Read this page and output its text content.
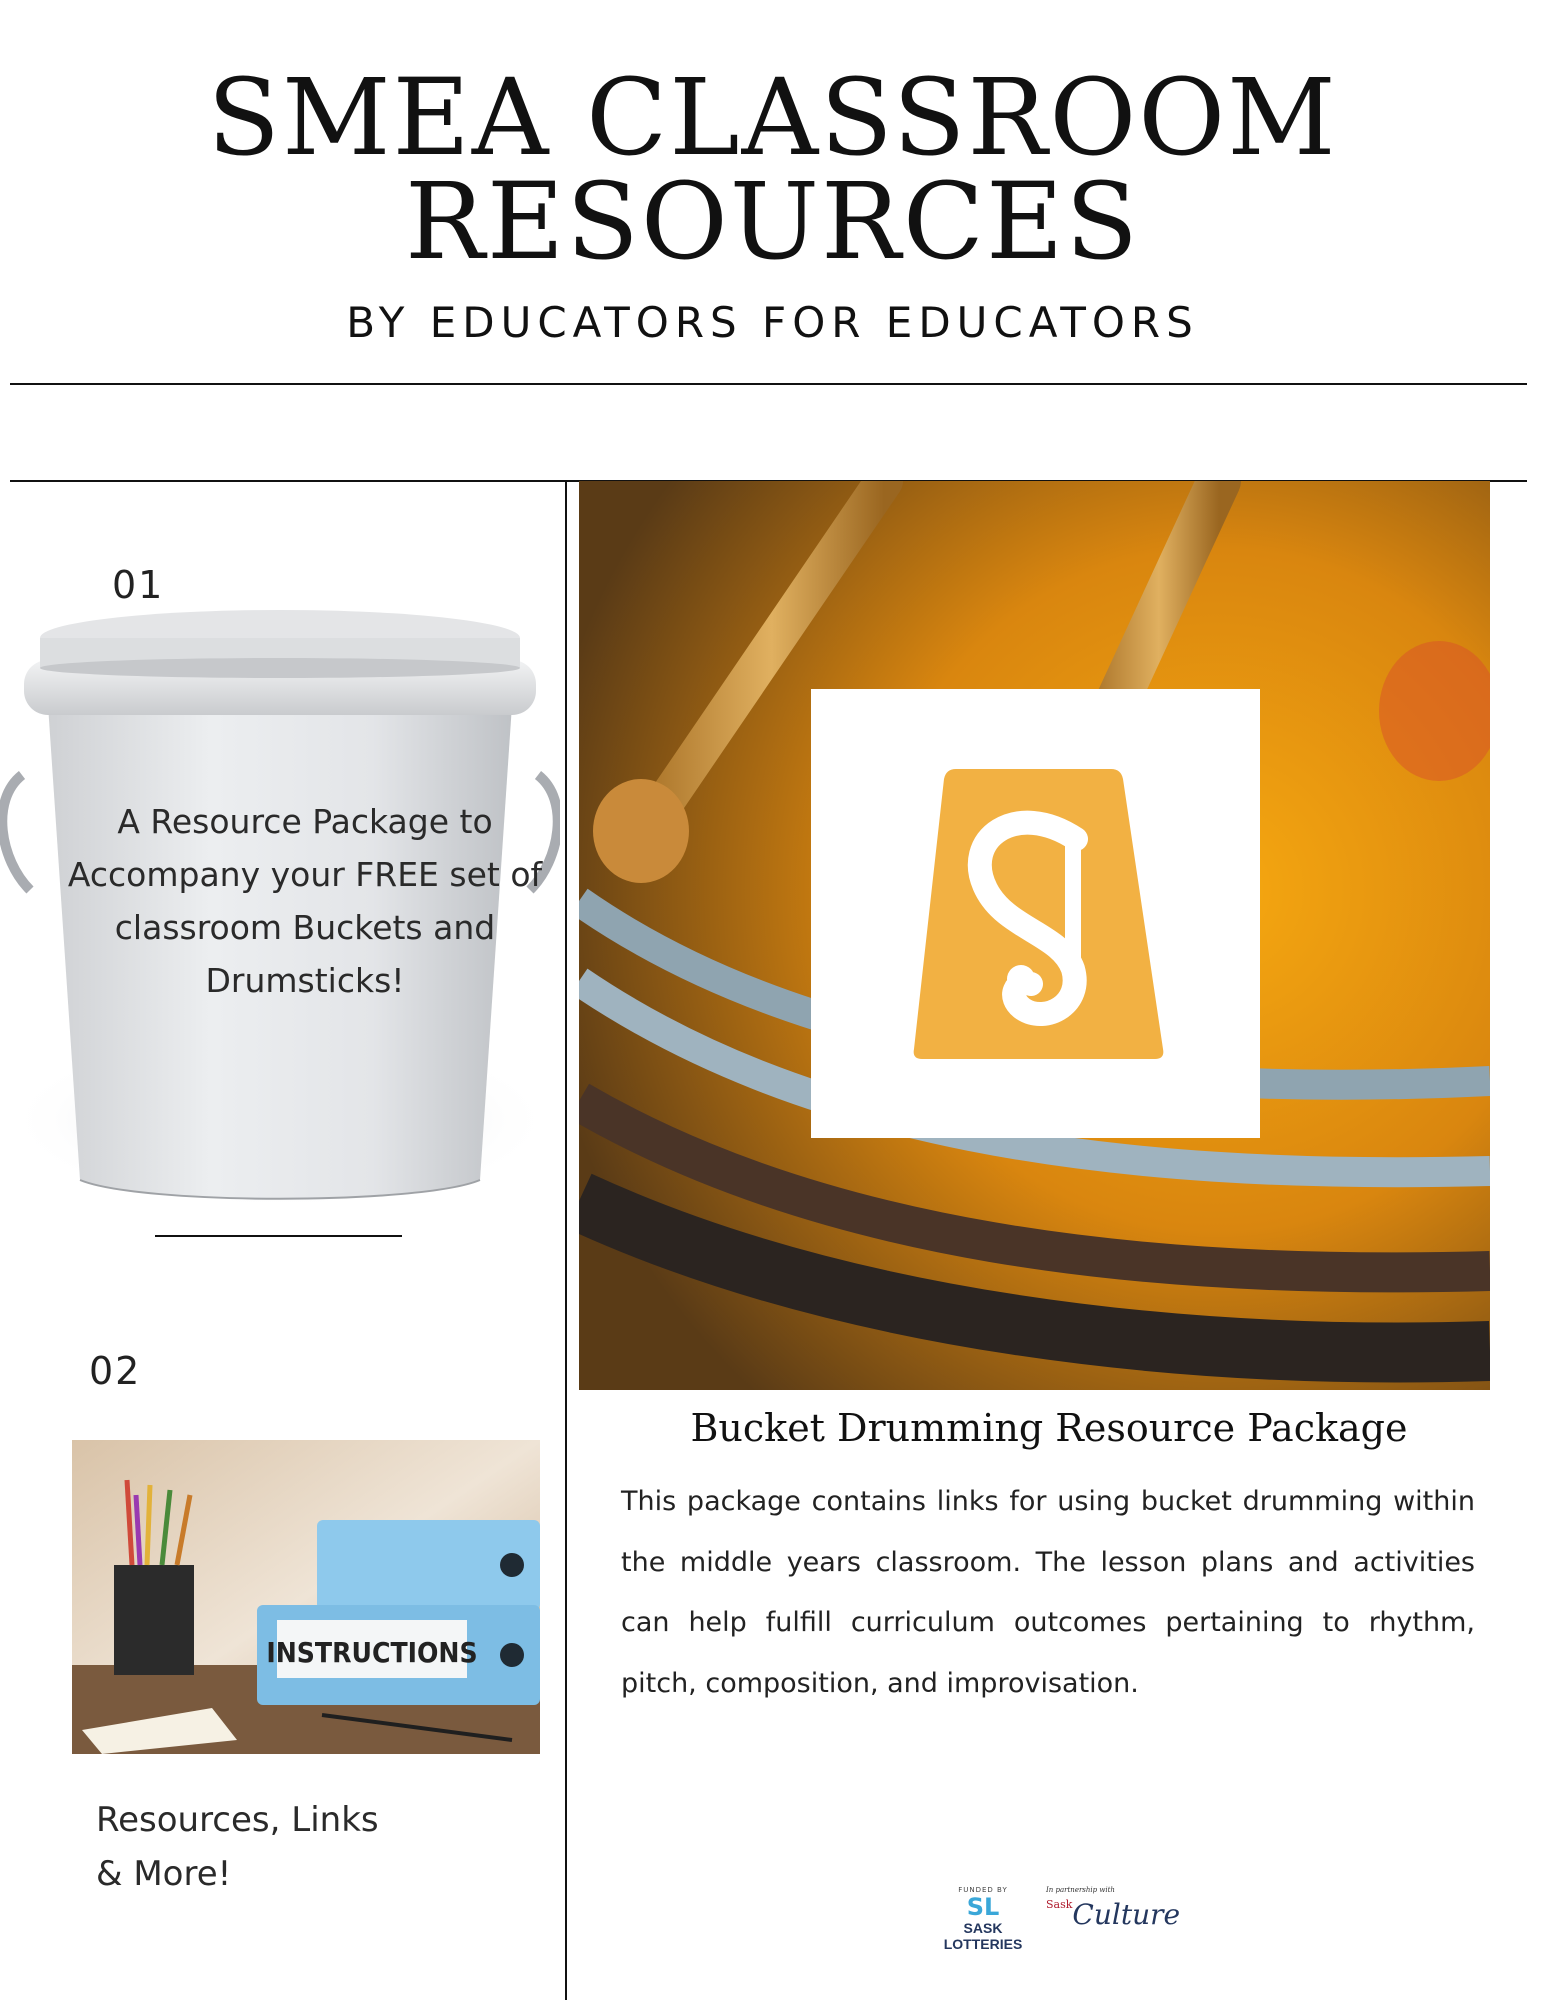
SMEA CLASSROOM
RESOURCES
BY EDUCATORS FOR EDUCATORS
01
A Resource Package to Accompany your FREE set of classroom Buckets and Drumsticks!
02
INSTRUCTIONS
Resources, Links
& More!
Bucket Drumming Resource Package
This package contains links for using bucket drumming within the middle years classroom. The lesson plans and activities can help fulfill curriculum outcomes pertaining to rhythm, pitch, composition, and improvisation.
FUNDED BY
SL
SASK LOTTERIES
In partnership with
$^{Sask}$Culture
